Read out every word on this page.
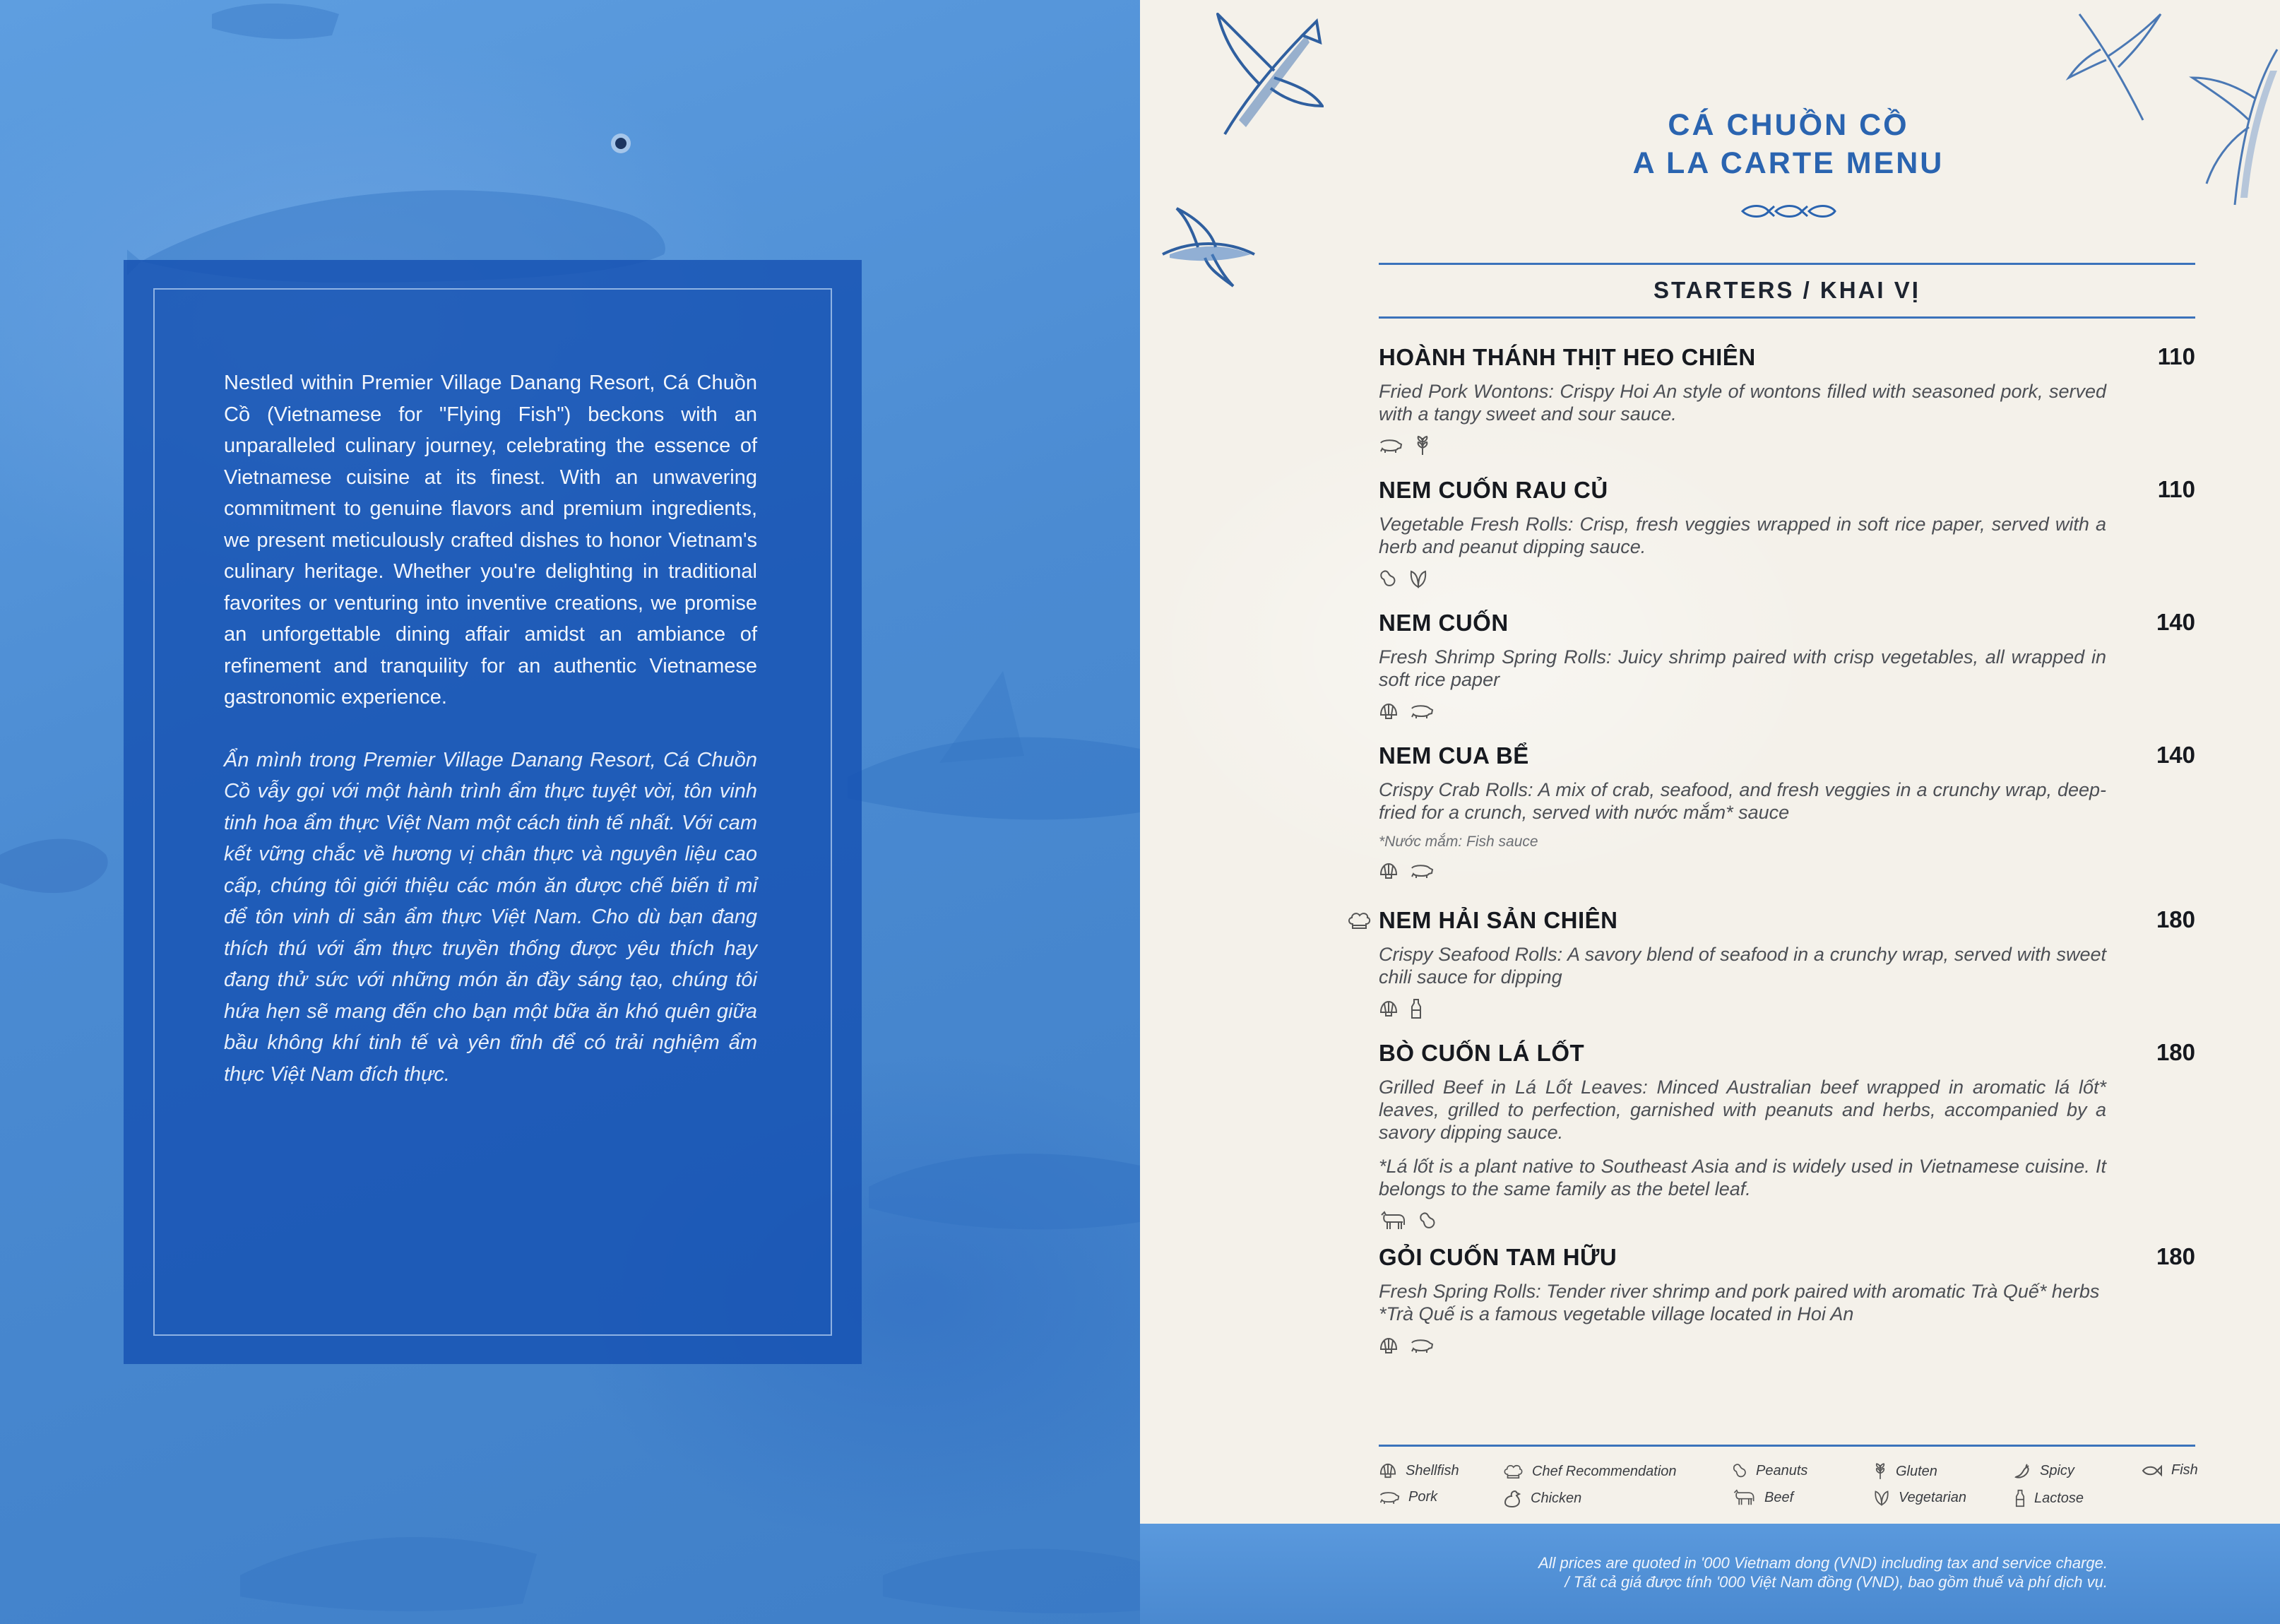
Nestled within Premier Village Danang Resort, Cá Chuồn Cồ (Vietnamese for "Flying Fish") beckons with an unparalleled culinary journey, celebrating the essence of Vietnamese cuisine at its finest. With an unwavering commitment to genuine flavors and premium ingredients, we present meticulously crafted dishes to honor Vietnam's culinary heritage. Whether you're delighting in traditional favorites or venturing into inventive creations, we promise an unforgettable dining affair amidst an ambiance of refinement and tranquility for an authentic Vietnamese gastronomic experience.

Ẩn mình trong Premier Village Danang Resort, Cá Chuồn Cồ vẫy gọi với một hành trình ẩm thực tuyệt vời, tôn vinh tinh hoa ẩm thực Việt Nam một cách tinh tế nhất. Với cam kết vững chắc về hương vị chân thực và nguyên liệu cao cấp, chúng tôi giới thiệu các món ăn được chế biến tỉ mỉ để tôn vinh di sản ẩm thực Việt Nam. Cho dù bạn đang thích thú với ẩm thực truyền thống được yêu thích hay đang thử sức với những món ăn đầy sáng tạo, chúng tôi hứa hẹn sẽ mang đến cho bạn một bữa ăn khó quên giữa bầu không khí tinh tế và yên tĩnh để có trải nghiệm ẩm thực Việt Nam đích thực.

CÁ CHUỒN CỒ
A LA CARTE MENU
STARTERS / KHAI VỊ
HOÀNH THÁNH THỊT HEO CHIÊN	110
Fried Pork Wontons: Crispy Hoi An style of wontons filled with seasoned pork, served with a tangy sweet and sour sauce.
NEM CUỐN RAU CỦ	110
Vegetable Fresh Rolls: Crisp, fresh veggies wrapped in soft rice paper, served with a herb and peanut dipping sauce.
NEM CUỐN	140
Fresh Shrimp Spring Rolls: Juicy shrimp paired with crisp vegetables, all wrapped in soft rice paper
NEM CUA BỂ	140
Crispy Crab Rolls: A mix of crab, seafood, and fresh veggies in a crunchy wrap, deep-fried for a crunch, served with nước mắm* sauce
*Nước mắm: Fish sauce
NEM HẢI SẢN CHIÊN	180
Crispy Seafood Rolls: A savory blend of seafood in a crunchy wrap, served with sweet chili sauce for dipping
BÒ CUỐN LÁ LỐT	180
Grilled Beef in Lá Lốt Leaves: Minced Australian beef wrapped in aromatic lá lốt* leaves, grilled to perfection, garnished with peanuts and herbs, accompanied by a savory dipping sauce.
*Lá lốt is a plant native to Southeast Asia and is widely used in Vietnamese cuisine. It belongs to the same family as the betel leaf.
GỎI CUỐN TAM HỮU	180
Fresh Spring Rolls: Tender river shrimp and pork paired with aromatic Trà Quế* herbs
*Trà Quế is a famous vegetable village located in Hoi An
Shellfish
Pork
Chef Recommendation
Chicken
Peanuts
Beef
Gluten
Vegetarian
Spicy
Lactose
Fish
All prices are quoted in '000 Vietnam dong (VND) including tax and service charge.
/ Tất cả giá được tính '000 Việt Nam đồng (VND), bao gồm thuế và phí dịch vụ.
